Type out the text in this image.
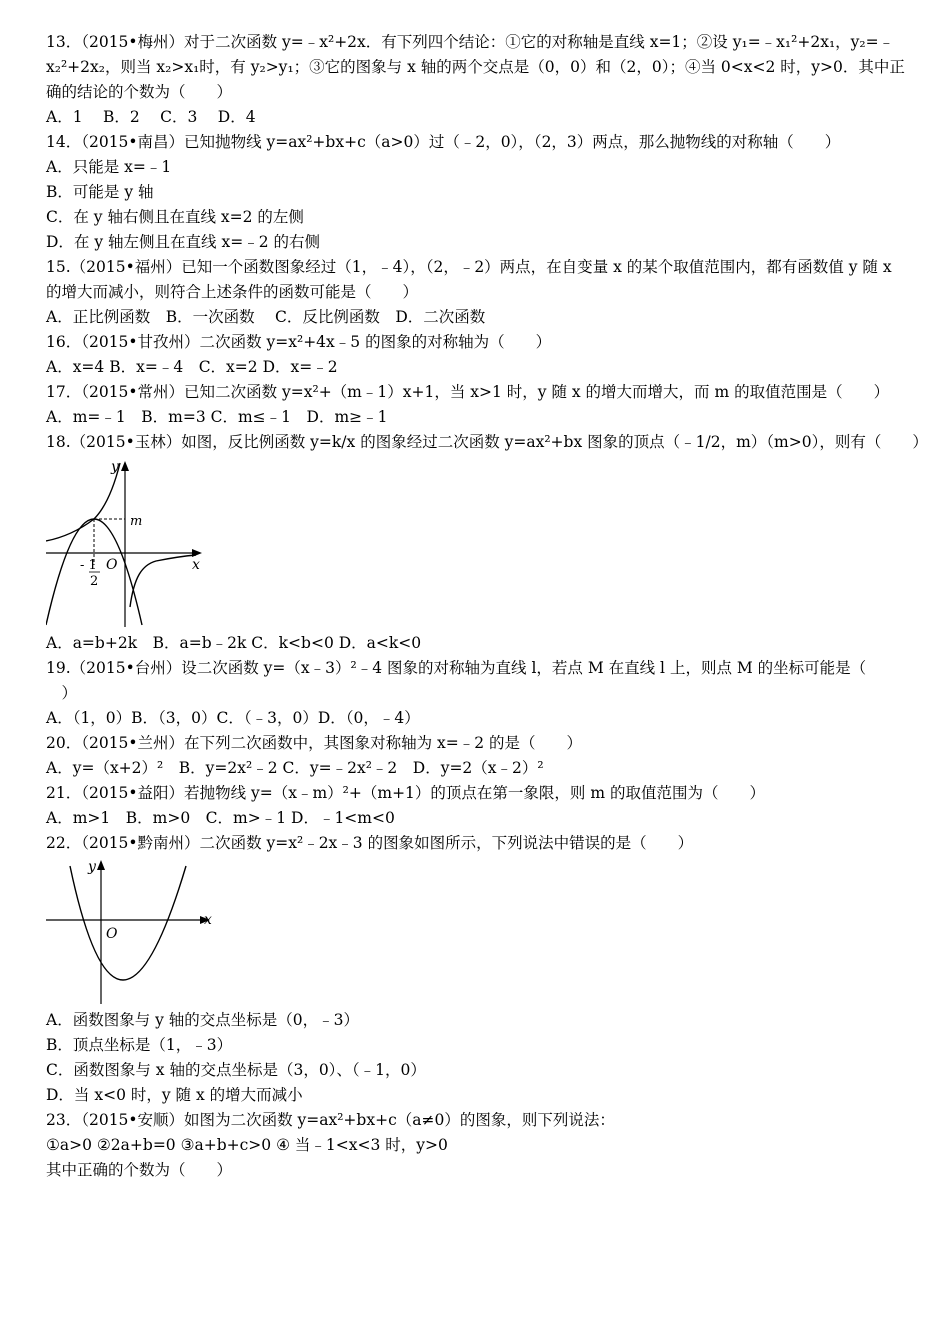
13．（2015•梅州）对于二次函数 y=﹣x²+2x．有下列四个结论：①它的对称轴是直线 x=1；②设 y₁=﹣x₁²+2x₁，y₂=﹣
x₂²+2x₂，则当 x₂>x₁时，有 y₂>y₁；③它的图象与 x 轴的两个交点是（0，0）和（2，0）；④当 0<x<2 时，y>0．其中正
确的结论的个数为（　　）
A．1　 B．2　 C．3　 D．4
14．（2015•南昌）已知抛物线 y=ax²+bx+c（a>0）过（﹣2，0），（2，3）两点，那么抛物线的对称轴（　　）
A．只能是 x=﹣1
B．可能是 y 轴
C．在 y 轴右侧且在直线 x=2 的左侧
D．在 y 轴左侧且在直线 x=﹣2 的右侧
15.（2015•福州）已知一个函数图象经过（1，﹣4），（2，﹣2）两点，在自变量 x 的某个取值范围内，都有函数值 y 随 x
的增大而减小，则符合上述条件的函数可能是（　　）
A．正比例函数　B．一次函数　 C．反比例函数　D．二次函数
16．（2015•甘孜州）二次函数 y=x²+4x﹣5 的图象的对称轴为（　　）
A．x=4 B．x=﹣4　C．x=2 D．x=﹣2
17．（2015•常州）已知二次函数 y=x²+（m﹣1）x+1，当 x>1 时，y 随 x 的增大而增大，而 m 的取值范围是（　　）
A．m=﹣1　B．m=3 C．m≤﹣1　D．m≥﹣1
18.（2015•玉林）如图，反比例函数 y=k/x 的图象经过二次函数 y=ax²+bx 图象的顶点（﹣1/2，m）（m>0），则有（　　）
y
x
m
O
- 1
2
A．a=b+2k　B．a=b﹣2k C．k<b<0 D．a<k<0
19.（2015•台州）设二次函数 y=（x﹣3）²﹣4 图象的对称轴为直线 l，若点 M 在直线 l 上，则点 M 的坐标可能是（
　）
A．（1，0）B．（3，0）C．（﹣3，0）D．（0，﹣4）
20．（2015•兰州）在下列二次函数中，其图象对称轴为 x=﹣2 的是（　　）
A．y=（x+2）²　B．y=2x²﹣2 C．y=﹣2x²﹣2　D．y=2（x﹣2）²
21．（2015•益阳）若抛物线 y=（x﹣m）²+（m+1）的顶点在第一象限，则 m 的取值范围为（　　）
A．m>1　B．m>0　C．m>﹣1 D．﹣1<m<0
22．（2015•黔南州）二次函数 y=x²﹣2x﹣3 的图象如图所示，下列说法中错误的是（　　）
y
x
O
A．函数图象与 y 轴的交点坐标是（0，﹣3）
B．顶点坐标是（1，﹣3）
C．函数图象与 x 轴的交点坐标是（3，0）、（﹣1，0）
D．当 x<0 时，y 随 x 的增大而减小
23．（2015•安顺）如图为二次函数 y=ax²+bx+c（a≠0）的图象，则下列说法：
①a>0 ②2a+b=0 ③a+b+c>0 ④ 当﹣1<x<3 时，y>0
其中正确的个数为（　　）
